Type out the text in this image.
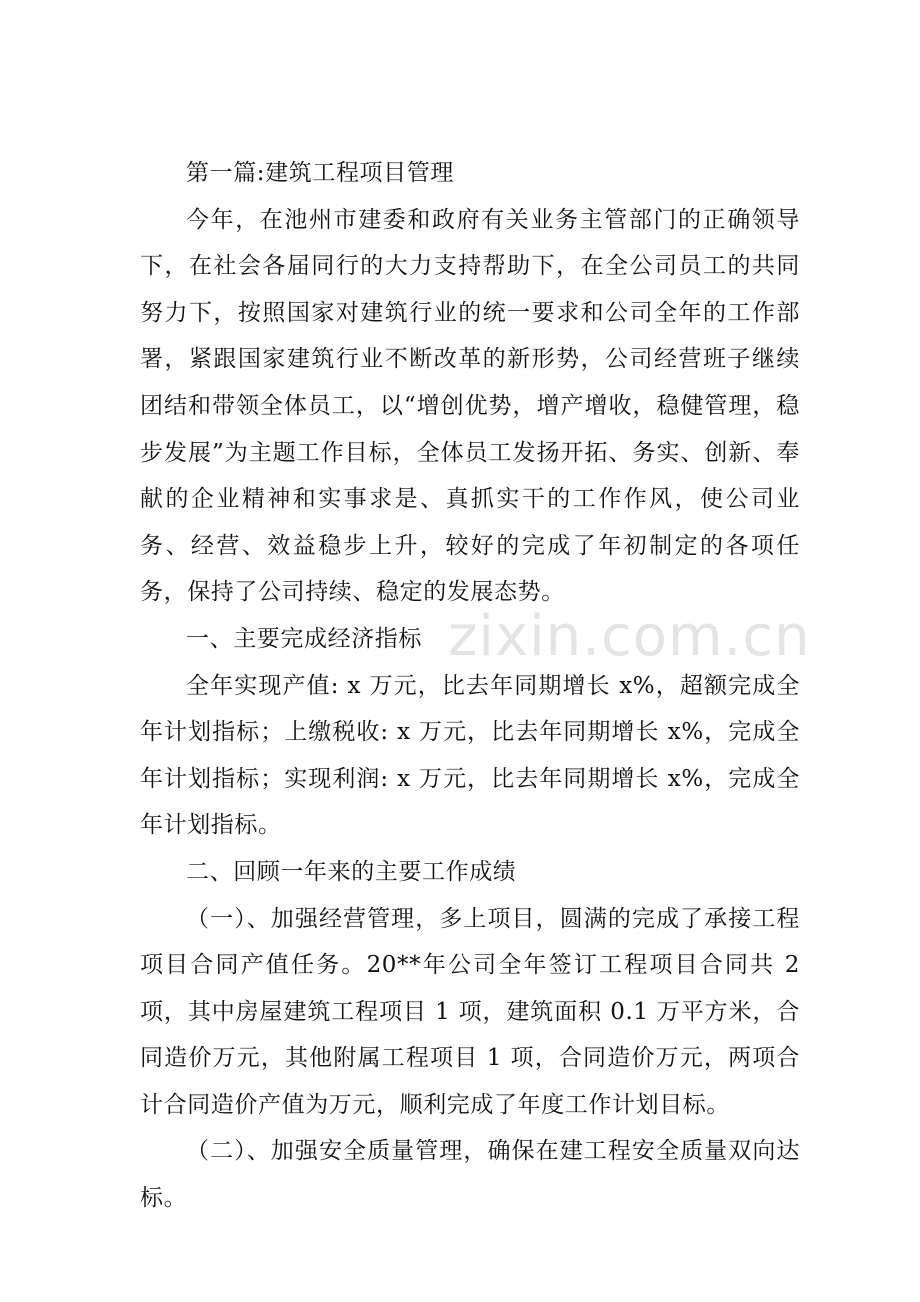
第一篇:建筑工程项目管理

今年，在池州市建委和政府有关业务主管部门的正确领导下，在社会各届同行的大力支持帮助下，在全公司员工的共同努力下，按照国家对建筑行业的统一要求和公司全年的工作部署，紧跟国家建筑行业不断改革的新形势，公司经营班子继续团结和带领全体员工，以“增创优势，增产增收，稳健管理，稳步发展”为主题工作目标，全体员工发扬开拓、务实、创新、奉献的企业精神和实事求是、真抓实干的工作作风，使公司业务、经营、效益稳步上升，较好的完成了年初制定的各项任务，保持了公司持续、稳定的发展态势。

一、主要完成经济指标

全年实现产值: x 万元，比去年同期增长 x%，超额完成全年计划指标；上缴税收: x 万元，比去年同期增长 x%，完成全年计划指标；实现利润: x 万元，比去年同期增长 x%，完成全年计划指标。

二、回顾一年来的主要工作成绩

（一）、加强经营管理，多上项目，圆满的完成了承接工程项目合同产值任务。20**年公司全年签订工程项目合同共 2 项，其中房屋建筑工程项目 1 项，建筑面积 0.1 万平方米，合同造价万元，其他附属工程项目 1 项，合同造价万元，两项合计合同造价产值为万元，顺利完成了年度工作计划目标。

（二）、加强安全质量管理，确保在建工程安全质量双向达标。

zixin.com.cn
